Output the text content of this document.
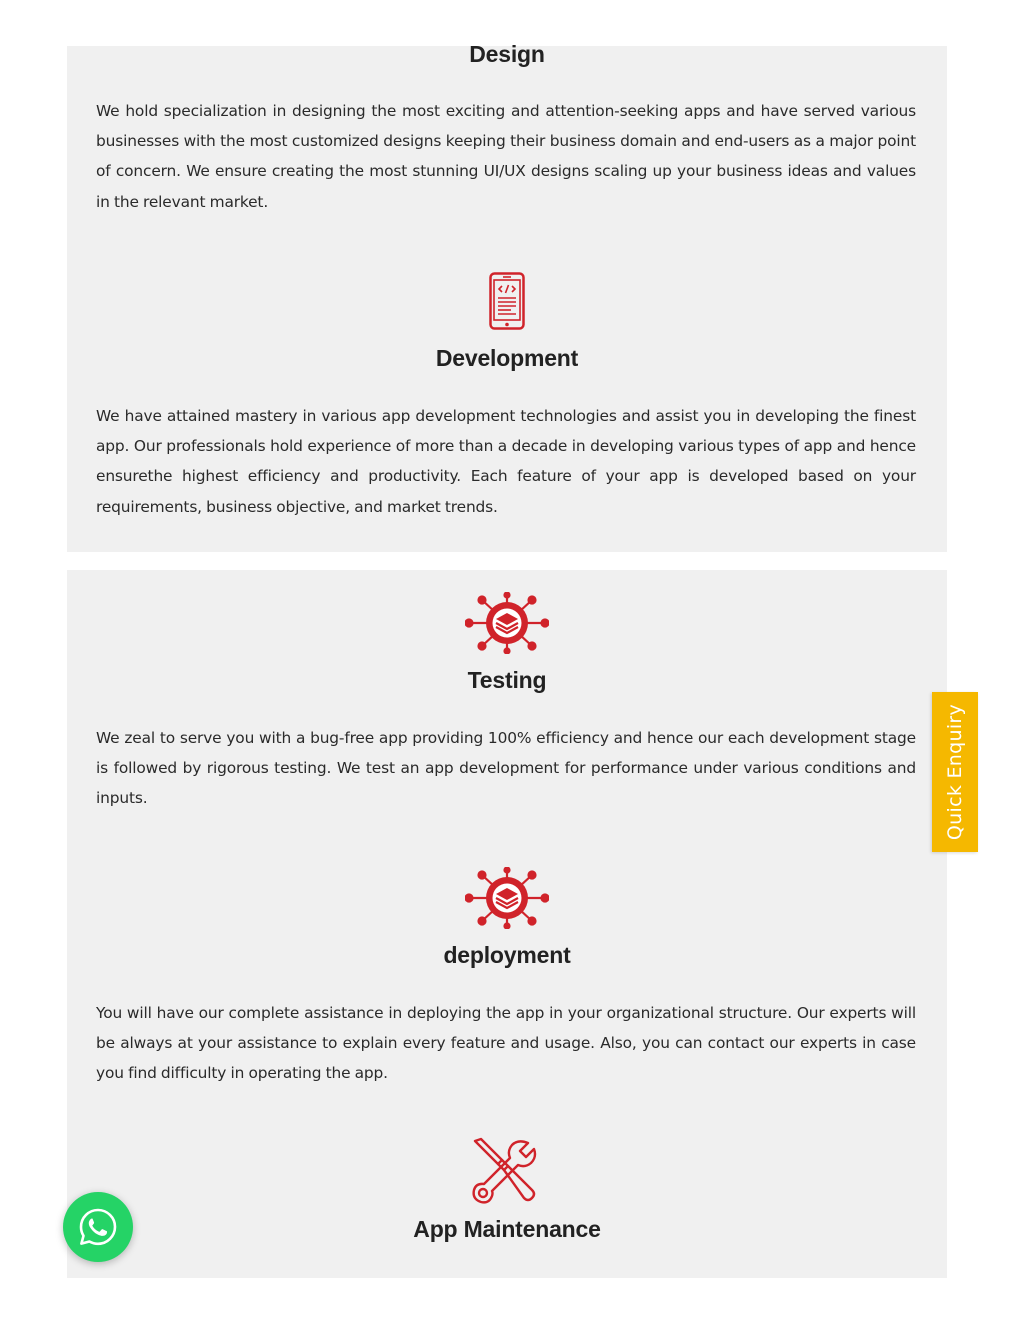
Design

We hold specialization in designing the most exciting and attention-seeking apps and have served various businesses with the most customized designs keeping their business domain and end-users as a major point of concern. We ensure creating the most stunning UI/UX designs scaling up your business ideas and values in the relevant market.

Development

We have attained mastery in various app development technologies and assist you in developing the finest app. Our professionals hold experience of more than a decade in developing various types of app and hence ensurethe highest efficiency and productivity. Each feature of your app is developed based on your requirements, business objective, and market trends.

Testing

We zeal to serve you with a bug-free app providing 100% efficiency and hence our each development stage is followed by rigorous testing. We test an app development for performance under various conditions and inputs.

deployment

You will have our complete assistance in deploying the app in your organizational structure. Our experts will be always at your assistance to explain every feature and usage. Also, you can contact our experts in case you find difficulty in operating the app.

App Maintenance
Quick Enquiry
